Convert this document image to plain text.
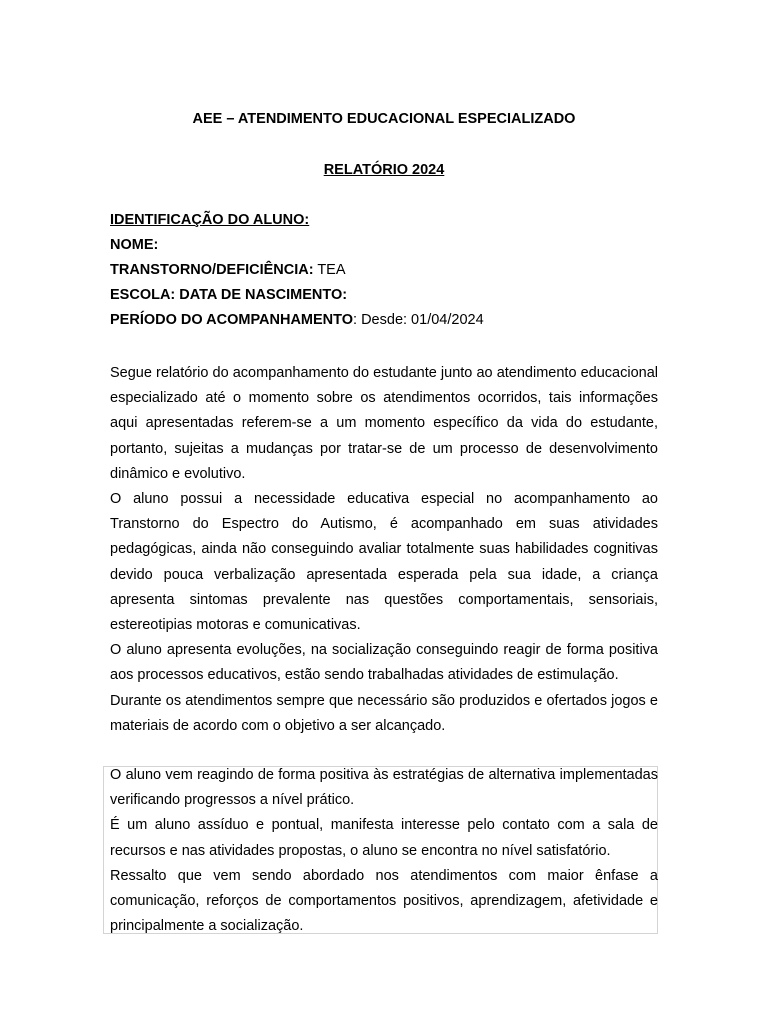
AEE – ATENDIMENTO EDUCACIONAL ESPECIALIZADO

RELATÓRIO 2024

IDENTIFICAÇÃO DO ALUNO:
NOME:
TRANSTORNO/DEFICIÊNCIA: TEA
ESCOLA: DATA DE NASCIMENTO:
PERÍODO DO ACOMPANHAMENTO: Desde: 01/04/2024

Segue relatório do acompanhamento do estudante junto ao atendimento educacional especializado até o momento sobre os atendimentos ocorridos, tais informações aqui apresentadas referem-se a um momento específico da vida do estudante, portanto, sujeitas a mudanças por tratar-se de um processo de desenvolvimento dinâmico e evolutivo.

O aluno possui a necessidade educativa especial no acompanhamento ao Transtorno do Espectro do Autismo, é acompanhado em suas atividades pedagógicas, ainda não conseguindo avaliar totalmente suas habilidades cognitivas devido pouca verbalização apresentada esperada pela sua idade, a criança apresenta sintomas prevalente nas questões comportamentais, sensoriais, estereotipias motoras e comunicativas.

O aluno apresenta evoluções, na socialização conseguindo reagir de forma positiva aos processos educativos, estão sendo trabalhadas atividades de estimulação.

Durante os atendimentos sempre que necessário são produzidos e ofertados jogos e materiais de acordo com o objetivo a ser alcançado.

O aluno vem reagindo de forma positiva às estratégias de alternativa implementadas verificando progressos a nível prático.

É um aluno assíduo e pontual, manifesta interesse pelo contato com a sala de recursos e nas atividades propostas, o aluno se encontra no nível satisfatório.

Ressalto que vem sendo abordado nos atendimentos com maior ênfase a comunicação, reforços de comportamentos positivos, aprendizagem, afetividade e principalmente a socialização.
